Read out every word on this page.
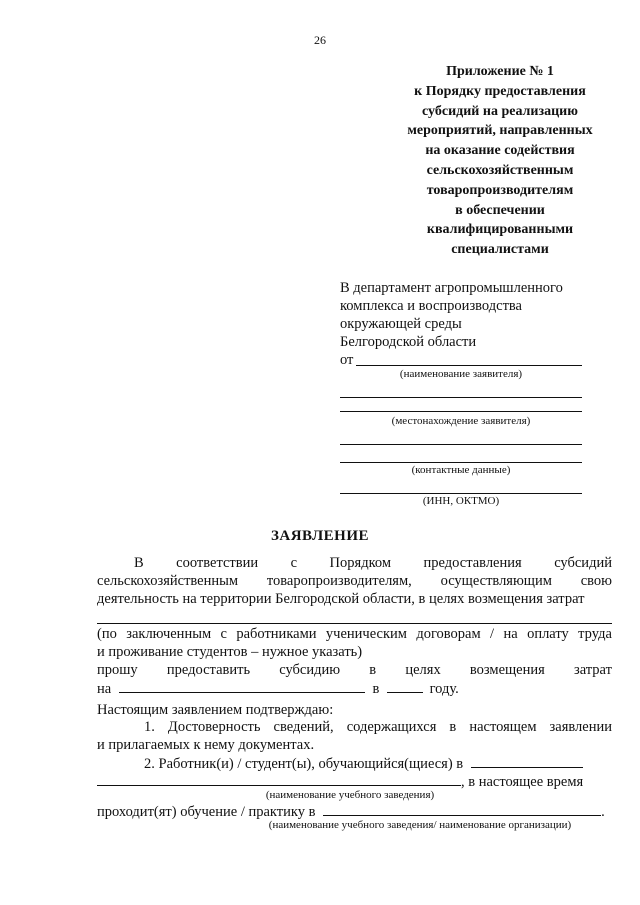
26
Приложение № 1
к Порядку предоставления
субсидий на реализацию
мероприятий, направленных
на оказание содействия
сельскохозяйственным
товаропроизводителям
в обеспечении
квалифицированными
специалистами
В департамент агропромышленного
комплекса и воспроизводства
окружающей среды
Белгородской области
от
(наименование заявителя)
(местонахождение заявителя)
(контактные данные)
(ИНН, ОКТМО)
ЗАЯВЛЕНИЕ
В соответствии с Порядком предоставления субсидий
сельскохозяйственным товаропроизводителям, осуществляющим свою
деятельность на территории Белгородской области, в целях возмещения затрат
(по заключенным с работниками ученическим договорам / на оплату труда
и проживание студентов – нужное указать)
прошу предоставить субсидию в целях возмещения затрат
на	в	году.
Настоящим заявлением подтверждаю:
1. Достоверность сведений, содержащихся в настоящем заявлении
и прилагаемых к нему документах.
2. Работник(и) / студент(ы), обучающийся(щиеся) в
, в настоящее время
(наименование учебного заведения)
проходит(ят) обучение / практику в	.
(наименование учебного заведения/ наименование организации)
